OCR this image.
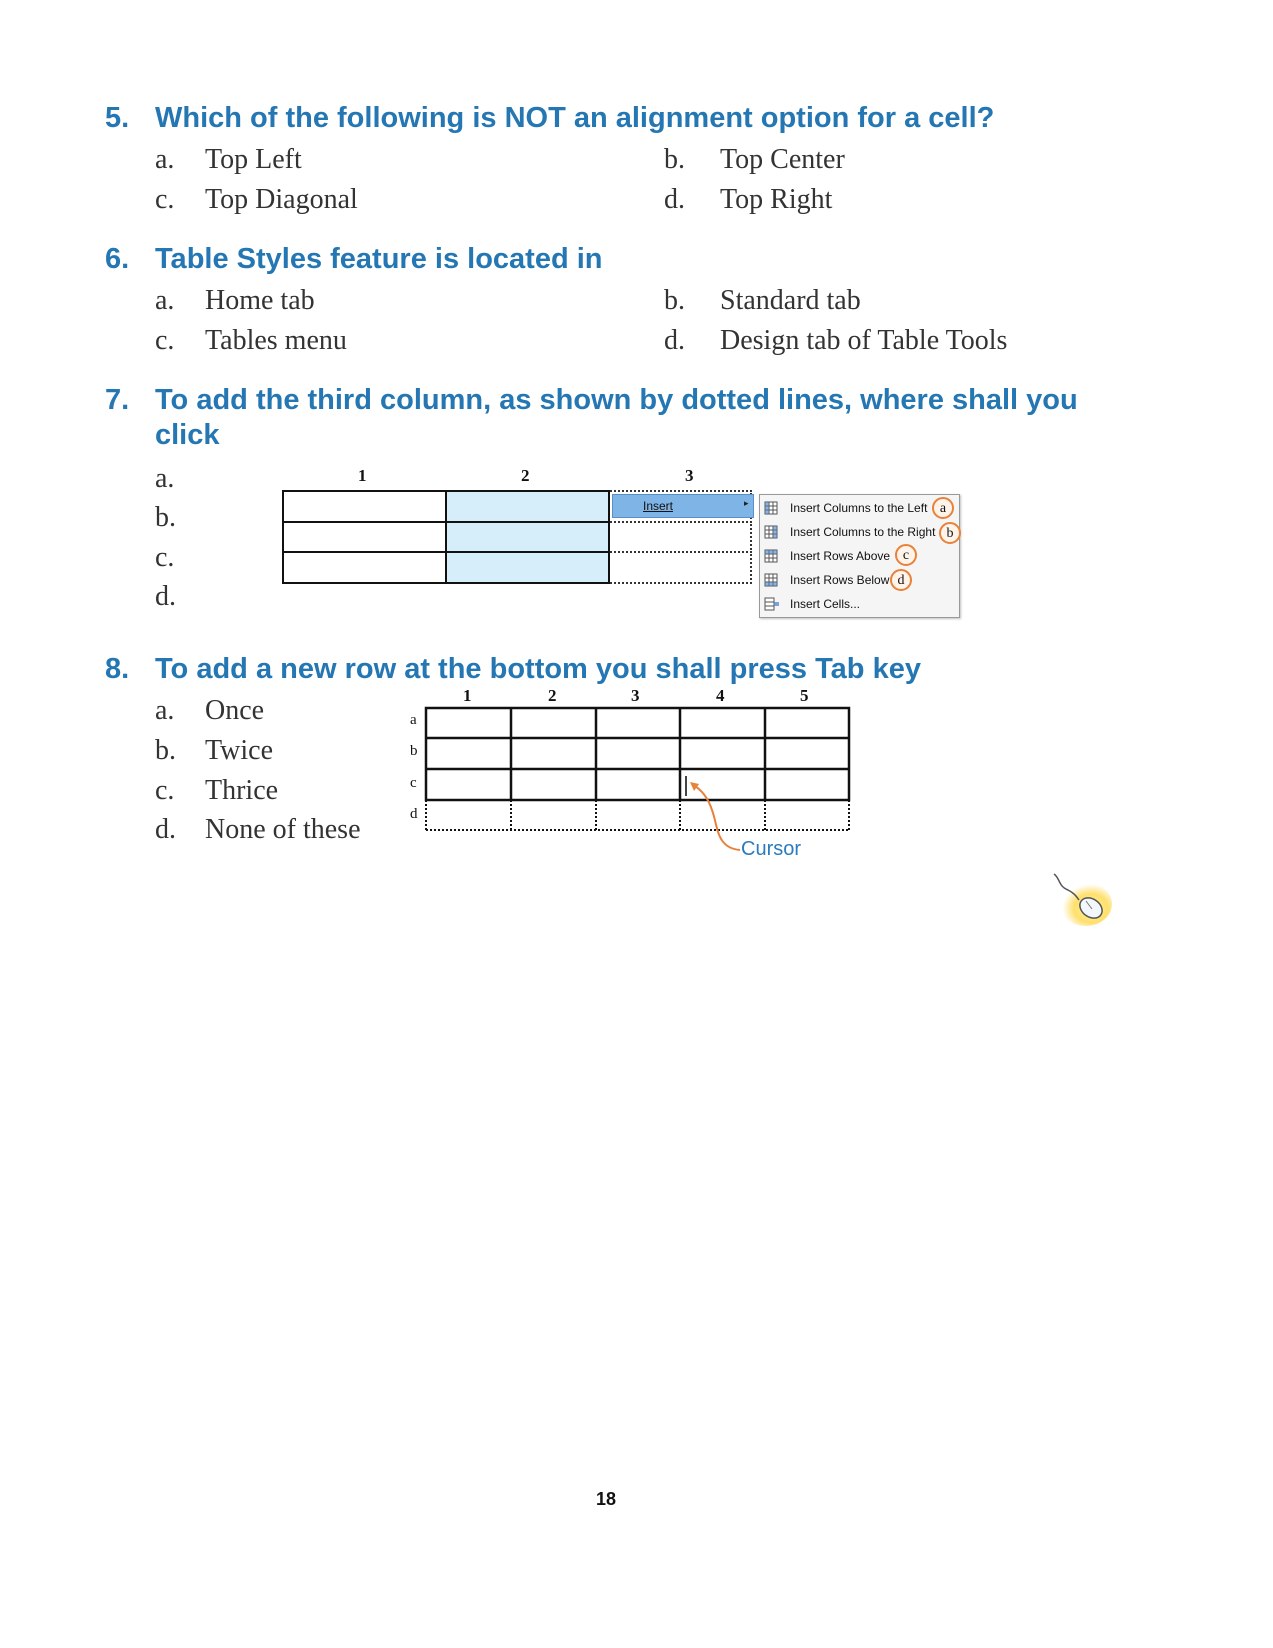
5. Which of the following is NOT an alignment option for a cell?
a. Top Left	b. Top Center
c. Top Diagonal	d. Top Right
6. Table Styles feature is located in
a. Home tab	b. Standard tab
c. Tables menu	d. Design tab of Table Tools
7. To add the third column, as shown by dotted lines, where shall you
click
a.
b.
c.
d.
1	2	3
Insert	▸	Insert Columns to the Left
Insert Columns to the Right
Insert Rows Above
Insert Rows Below
Insert Cells...
a
b
c
d
8. To add a new row at the bottom you shall press Tab key
a. Once
b. Twice
c. Thrice
d. None of these
1	2	3	4	5
a
b
c
d
Cursor
18
